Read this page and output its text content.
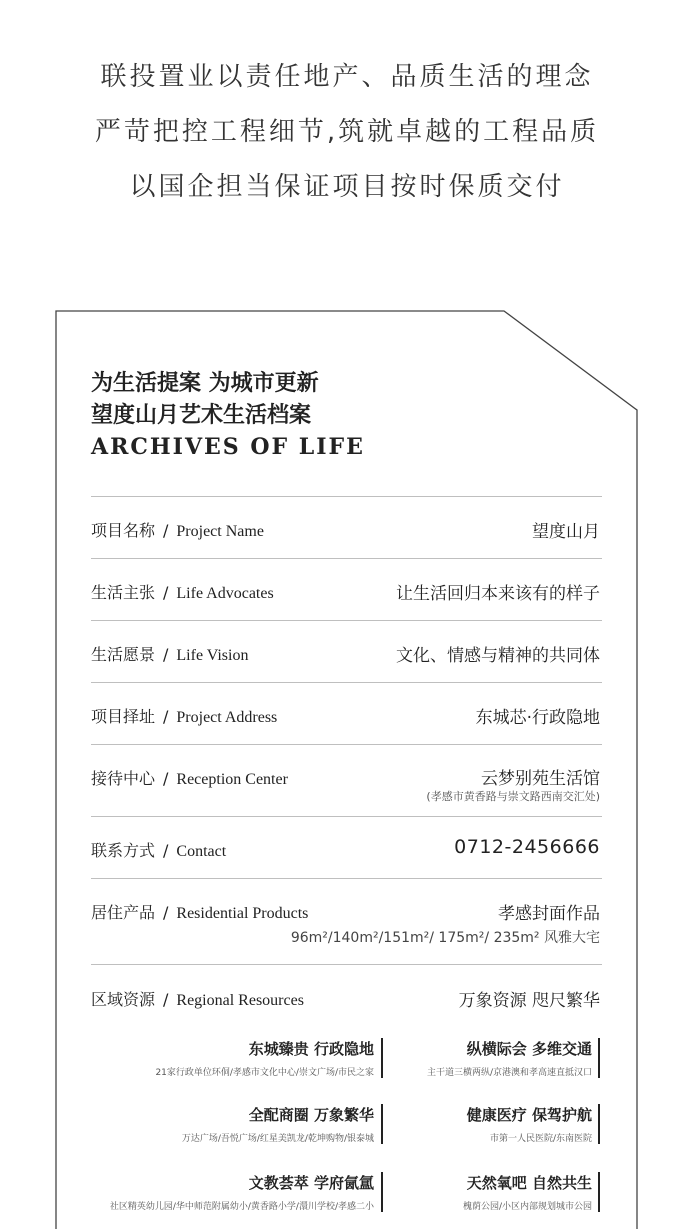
联投置业以责任地产、品质生活的理念
严苛把控工程细节,筑就卓越的工程品质
以国企担当保证项目按时保质交付
为生活提案 为城市更新
望度山月艺术生活档案
ARCHIVES OF LIFE
项目名称 / Project Name	望度山月
生活主张 / Life Advocates	让生活回归本来该有的样子
生活愿景 / Life Vision	文化、情感与精神的共同体
项目择址 / Project Address	东城芯·行政隐地
接待中心 / Reception Center	云梦别苑生活馆
(孝感市黄香路与崇文路西南交汇处)
联系方式 / Contact	0712-2456666
居住产品 / Residential Products	孝感封面作品
96m²/140m²/151m²/ 175m²/ 235m² 风雅大宅
区域资源 / Regional Resources	万象资源 咫尺繁华
东城臻贵 行政隐地
21家行政单位环侗/孝感市文化中心/崇文广场/市民之家
纵横际会 多维交通
主干道三横两纵/京港澳和孝高速直抵汉口
全配商圈 万象繁华
万达广场/吾悦广场/红星美凯龙/乾坤购物/银泰城
健康医疗 保驾护航
市第一人民医院/东南医院
文教荟萃 学府氤氲
社区精英幼儿园/华中师范附属幼小/黄香路小学/澴川学校/孝感二小
天然氧吧 自然共生
槐荫公园/小区内部规划城市公园
